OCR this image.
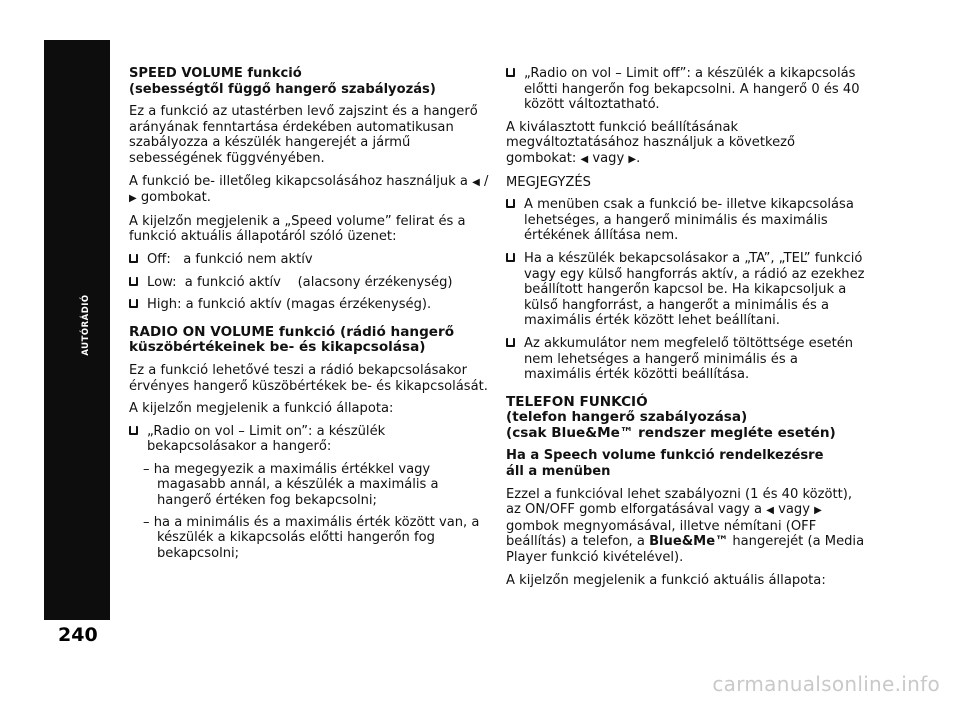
AUTÓRÁDIÓ
240
SPEED VOLUME funkció
(sebességtől függő hangerő szabályozás)

Ez a funkció az utastérben levő zajszint és a hangerő arányának fenntartása érdekében automatikusan szabályozza a készülék hangerejét a jármű sebességének függvényében.

A funkció be- illetőleg kikapcsolásához használjuk a ◀ /
▶ gombokat.

A kijelzőn megjelenik a „Speed volume” felirat és a funkció aktuális állapotáról szóló üzenet:

Off:   a funkció nem aktív
Low:  a funkció aktív    (alacsony érzékenység)
High: a funkció aktív (magas érzékenység).
RADIO ON VOLUME funkció (rádió hangerő küszöbértékeinek be- és kikapcsolása)

Ez a funkció lehetővé teszi a rádió bekapcsolásakor érvényes hangerő küszöbértékek be- és kikapcsolását.

A kijelzőn megjelenik a funkció állapota:

„Radio on vol – Limit on”: a készülék bekapcsolásakor a hangerő:

– ha megegyezik a maximális értékkel vagy magasabb annál, a készülék a maximális a hangerő értéken fog bekapcsolni;

– ha a minimális és a maximális érték között van, a készülék a kikapcsolás előtti hangerőn fog bekapcsolni;

„Radio on vol – Limit off”: a készülék a kikapcsolás előtti hangerőn fog bekapcsolni. A hangerő 0 és 40 között változtatható.

A kiválasztott funkció beállításának megváltoztatásához használjuk a következő gombokat: ◀ vagy ▶.

MEGJEGYZÉS

A menüben csak a funkció be- illetve kikapcsolása lehetséges, a hangerő minimális és maximális értékének állítása nem.
Ha a készülék bekapcsolásakor a „TA”, „TEL” funkció vagy egy külső hangforrás aktív, a rádió az ezekhez beállított hangerőn kapcsol be. Ha kikapcsoljuk a külső hangforrást, a hangerőt a minimális és a maximális érték között lehet beállítani.
Az akkumulátor nem megfelelő töltöttsége esetén nem lehetséges a hangerő minimális és a maximális érték közötti beállítása.
TELEFON FUNKCIÓ
(telefon hangerő szabályozása)
(csak Blue&Me™ rendszer megléte esetén)
Ha a Speech volume funkció rendelkezésre
áll a menüben

Ezzel a funkcióval lehet szabályozni (1 és 40 között), az ON/OFF gomb elforgatásával vagy a ◀ vagy ▶ gombok megnyomásával, illetve némítani (OFF beállítás) a telefon, a Blue&Me™ hangerejét (a Media Player funkció kivételével).

A kijelzőn megjelenik a funkció aktuális állapota:

carmanualsonline.info
